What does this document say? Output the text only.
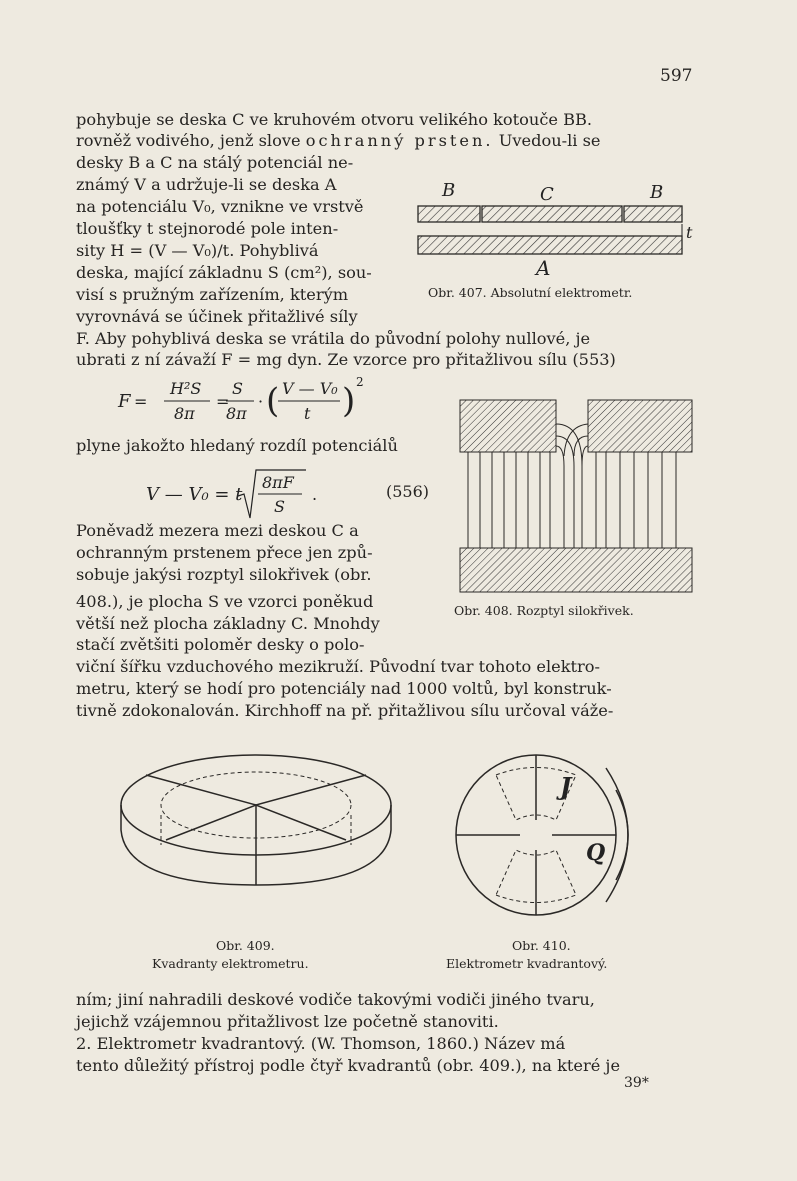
597
pohybuje se deska C ve kruhovém otvoru velikého kotouče BB.
rovněž vodivého, jenž slove ochranný prsten. Uvedou-li se
desky B a C na stálý potenciál ne-
známý V a udržuje-li se deska A
na potenciálu V₀, vznikne ve vrstvě
tloušťky t stejnorodé pole inten-
sity H = (V — V₀)/t. Pohyblivá
deska, mající základnu S (cm²), sou-
visí s pružným zařízením, kterým
vyrovnává se účinek přitažlivé síly
F. Aby pohyblivá deska se vrátila do původní polohy nullové, je
ubrati z ní závaží F = mg dyn. Ze vzorce pro přitažlivou sílu (553)
B	C	B
t
A
Obr. 407. Absolutní elektrometr.
F =
H²S
8π
=
S
8π
· ( V — V₀
t ) 2
plyne jakožto hledaný rozdíl potenciálů
V — V₀ = t
8πF
S
.	(556)
Obr. 408. Rozptyl silokřivek.
Poněvadž mezera mezi deskou C a
ochranným prstenem přece jen způ-
sobuje jakýsi rozptyl silokřivek (obr.
408.), je plocha S ve vzorci poněkud
větší než plocha základny C. Mnohdy
stačí zvětšiti poloměr desky o polo-
viční šířku vzduchového mezikruží. Původní tvar tohoto elektro-
metru, který se hodí pro potenciály nad 1000 voltů, byl konstruk-
tivně zdokonalován. Kirchhoff na př. přitažlivou sílu určoval váže-
Obr. 409.
Kvadranty elektrometru.
J
Q
Obr. 410.
Elektrometr kvadrantový.
ním; jiní nahradili deskové vodiče takovými vodiči jiného tvaru,
jejichž vzájemnou přitažlivost lze početně stanoviti.
2. Elektrometr kvadrantový. (W. Thomson, 1860.) Název má
tento důležitý přístroj podle čtyř kvadrantů (obr. 409.), na které je
39*
